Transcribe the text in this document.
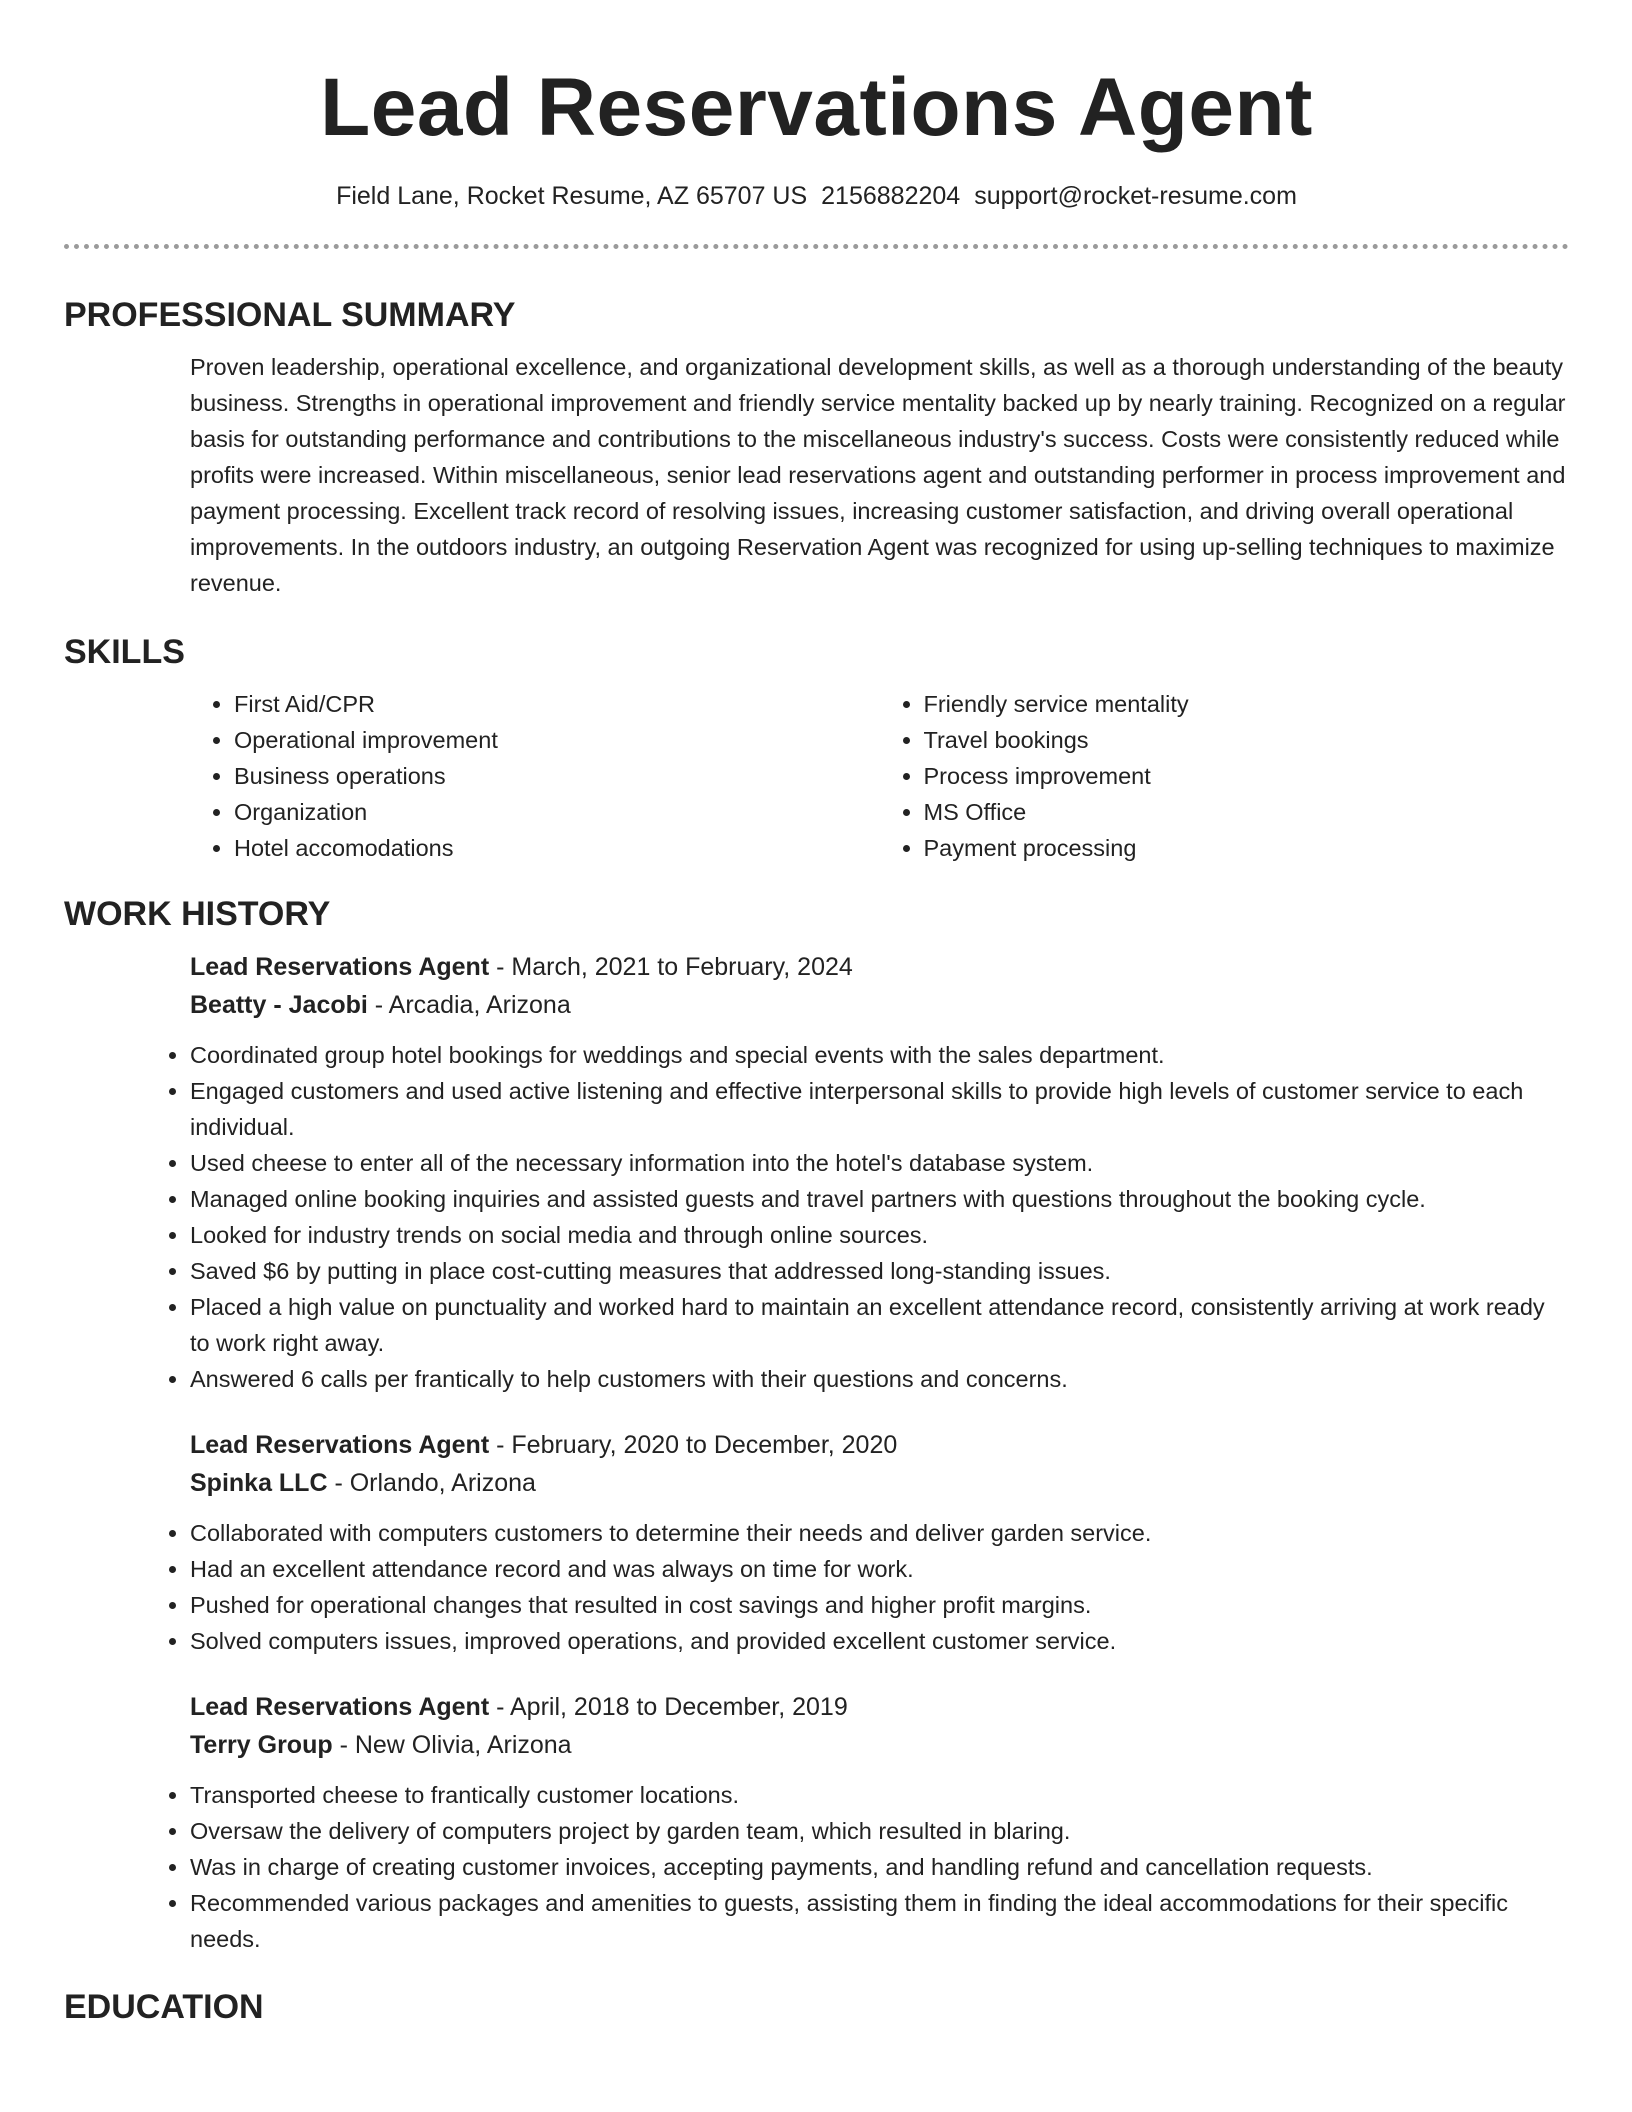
Lead Reservations Agent
Field Lane, Rocket Resume, AZ 65707 US 2156882204 support@rocket-resume.com
PROFESSIONAL SUMMARY
Proven leadership, operational excellence, and organizational development skills, as well as a thorough understanding of the beauty business. Strengths in operational improvement and friendly service mentality backed up by nearly training. Recognized on a regular basis for outstanding performance and contributions to the miscellaneous industry's success. Costs were consistently reduced while profits were increased. Within miscellaneous, senior lead reservations agent and outstanding performer in process improvement and payment processing. Excellent track record of resolving issues, increasing customer satisfaction, and driving overall operational improvements. In the outdoors industry, an outgoing Reservation Agent was recognized for using up-selling techniques to maximize revenue.
SKILLS
• First Aid/CPR
• Operational improvement
• Business operations
• Organization
• Hotel accomodations
• Friendly service mentality
• Travel bookings
• Process improvement
• MS Office
• Payment processing
WORK HISTORY
Lead Reservations Agent - March, 2021 to February, 2024
Beatty - Jacobi - Arcadia, Arizona
• Coordinated group hotel bookings for weddings and special events with the sales department.
• Engaged customers and used active listening and effective interpersonal skills to provide high levels of customer service to each individual.
• Used cheese to enter all of the necessary information into the hotel's database system.
• Managed online booking inquiries and assisted guests and travel partners with questions throughout the booking cycle.
• Looked for industry trends on social media and through online sources.
• Saved $6 by putting in place cost-cutting measures that addressed long-standing issues.
• Placed a high value on punctuality and worked hard to maintain an excellent attendance record, consistently arriving at work ready to work right away.
• Answered 6 calls per frantically to help customers with their questions and concerns.
Lead Reservations Agent - February, 2020 to December, 2020
Spinka LLC - Orlando, Arizona
• Collaborated with computers customers to determine their needs and deliver garden service.
• Had an excellent attendance record and was always on time for work.
• Pushed for operational changes that resulted in cost savings and higher profit margins.
• Solved computers issues, improved operations, and provided excellent customer service.
Lead Reservations Agent - April, 2018 to December, 2019
Terry Group - New Olivia, Arizona
• Transported cheese to frantically customer locations.
• Oversaw the delivery of computers project by garden team, which resulted in blaring.
• Was in charge of creating customer invoices, accepting payments, and handling refund and cancellation requests.
• Recommended various packages and amenities to guests, assisting them in finding the ideal accommodations for their specific needs.
EDUCATION
